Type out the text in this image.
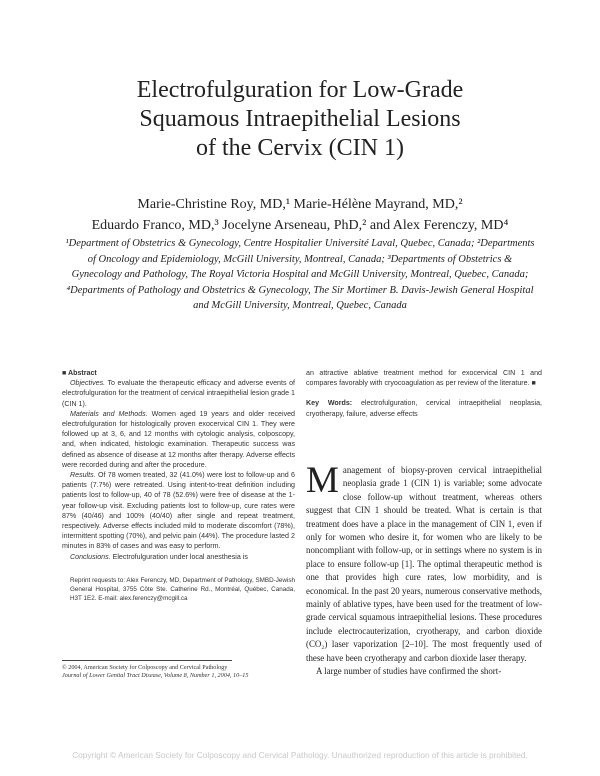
Electrofulguration for Low-Grade
Squamous Intraepithelial Lesions
of the Cervix (CIN 1)
Marie-Christine Roy, MD,¹ Marie-Hélène Mayrand, MD,²
Eduardo Franco, MD,³ Jocelyne Arseneau, PhD,² and Alex Ferenczy, MD⁴
¹Department of Obstetrics & Gynecology, Centre Hospitalier Université Laval, Quebec, Canada; ²Departments of Oncology and Epidemiology, McGill University, Montreal, Canada; ³Departments of Obstetrics & Gynecology and Pathology, The Royal Victoria Hospital and McGill University, Montreal, Quebec, Canada; ⁴Departments of Pathology and Obstetrics & Gynecology, The Sir Mortimer B. Davis-Jewish General Hospital and McGill University, Montreal, Quebec, Canada

■ Abstract

Objectives. To evaluate the therapeutic efficacy and adverse events of electrofulguration for the treatment of cervical intraepithelial lesion grade 1 (CIN 1).

Materials and Methods. Women aged 19 years and older received electrofulguration for histologically proven exocervical CIN 1. They were followed up at 3, 6, and 12 months with cytologic analysis, colposcopy, and, when indicated, histologic examination. Therapeutic success was defined as absence of disease at 12 months after therapy. Adverse effects were recorded during and after the procedure.

Results. Of 78 women treated, 32 (41.0%) were lost to follow-up and 6 patients (7.7%) were retreated. Using intent-to-treat definition including patients lost to follow-up, 40 of 78 (52.6%) were free of disease at the 1-year follow-up visit. Excluding patients lost to follow-up, cure rates were 87% (40/46) and 100% (40/40) after single and repeat treatment, respectively. Adverse effects included mild to moderate discomfort (78%), intermittent spotting (70%), and pelvic pain (44%). The procedure lasted 2 minutes in 83% of cases and was easy to perform.

Conclusions. Electrofulguration under local anesthesia is

Reprint requests to: Alex Ferenczy, MD, Department of Pathology, SMBD-Jewish General Hospital, 3755 Côte Ste. Catherine Rd., Montréal, Québec, Canada, H3T 1E2. E-mail: alex.ferenczy@mcgill.ca

© 2004, American Society for Colposcopy and Cervical Pathology
Journal of Lower Genital Tract Disease, Volume 8, Number 1, 2004, 10–15

an attractive ablative treatment method for exocervical CIN 1 and compares favorably with cryocoagulation as per review of the literature. ■

Key Words: electrofulguration, cervical intraepithelial neoplasia, cryotherapy, failure, adverse effects

Management of biopsy-proven cervical intraepithelial neoplasia grade 1 (CIN 1) is variable; some advocate close follow-up without treatment, whereas others suggest that CIN 1 should be treated. What is certain is that treatment does have a place in the management of CIN 1, even if only for women who desire it, for women who are likely to be noncompliant with follow-up, or in settings where no system is in place to ensure follow-up [1]. The optimal therapeutic method is one that provides high cure rates, low morbidity, and is economical. In the past 20 years, numerous conservative methods, mainly of ablative types, have been used for the treatment of low-grade cervical squamous intraepithelial lesions. These procedures include electrocauterization, cryotherapy, and carbon dioxide (CO₂) laser vaporization [2–10]. The most frequently used of these have been cryotherapy and carbon dioxide laser therapy.

A large number of studies have confirmed the short-

Copyright © American Society for Colposcopy and Cervical Pathology. Unauthorized reproduction of this article is prohibited.
